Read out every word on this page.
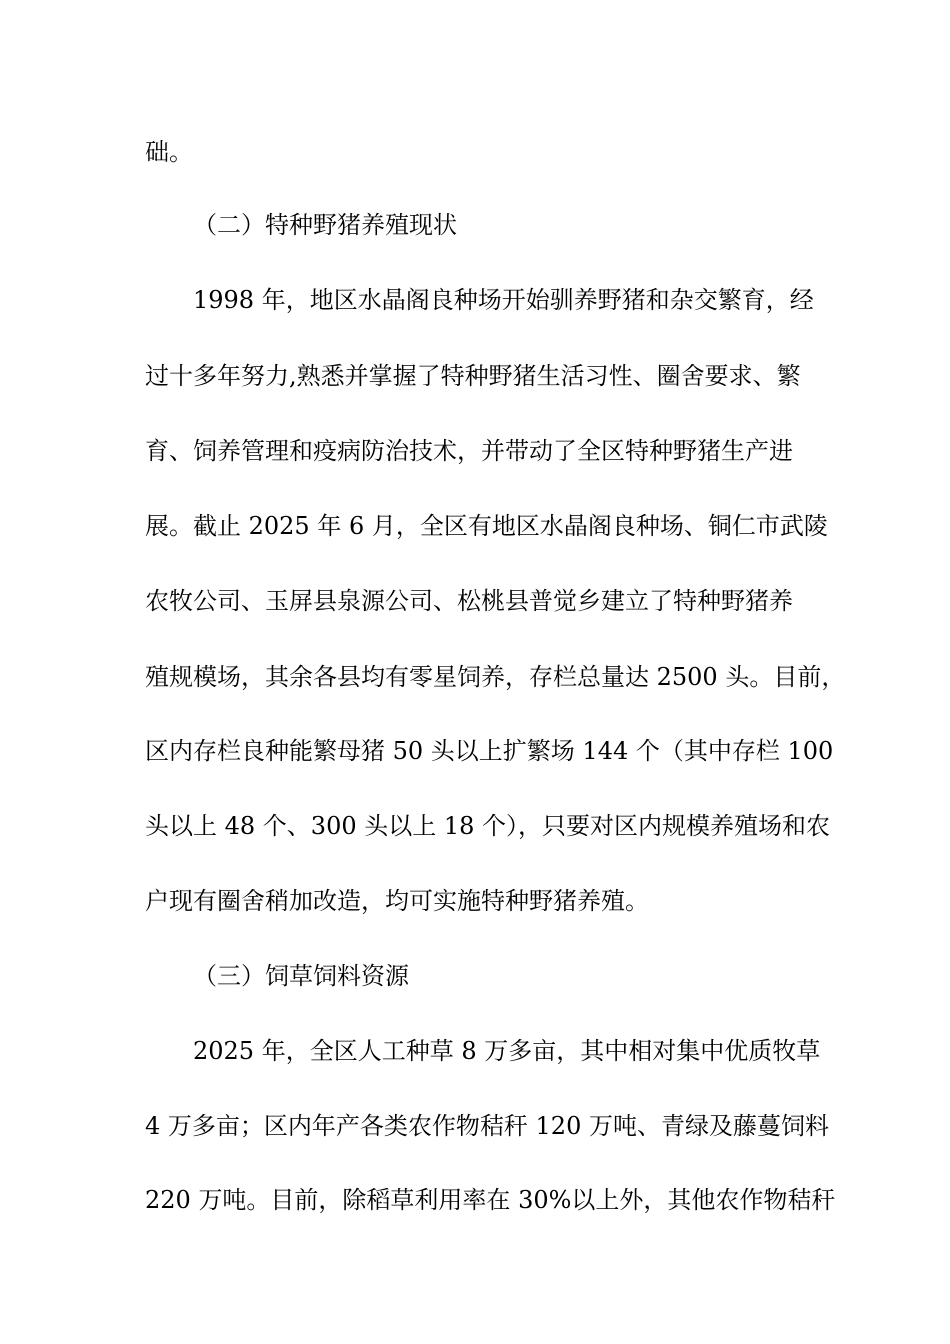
础。
（二）特种野猪养殖现状
1998 年，地区水晶阁良种场开始驯养野猪和杂交繁育，经
过十多年努力,熟悉并掌握了特种野猪生活习性、圈舍要求、繁
育、饲养管理和疫病防治技术，并带动了全区特种野猪生产进
展。截止 2025 年 6 月，全区有地区水晶阁良种场、铜仁市武陵
农牧公司、玉屏县泉源公司、松桃县普觉乡建立了特种野猪养
殖规模场，其余各县均有零星饲养，存栏总量达 2500 头。目前，
区内存栏良种能繁母猪 50 头以上扩繁场 144 个（其中存栏 100
头以上 48 个、300 头以上 18 个），只要对区内规模养殖场和农
户现有圈舍稍加改造，均可实施特种野猪养殖。
（三）饲草饲料资源
2025 年，全区人工种草 8 万多亩，其中相对集中优质牧草
4 万多亩；区内年产各类农作物秸秆 120 万吨、青绿及藤蔓饲料
220 万吨。目前，除稻草利用率在 30%以上外，其他农作物秸秆
